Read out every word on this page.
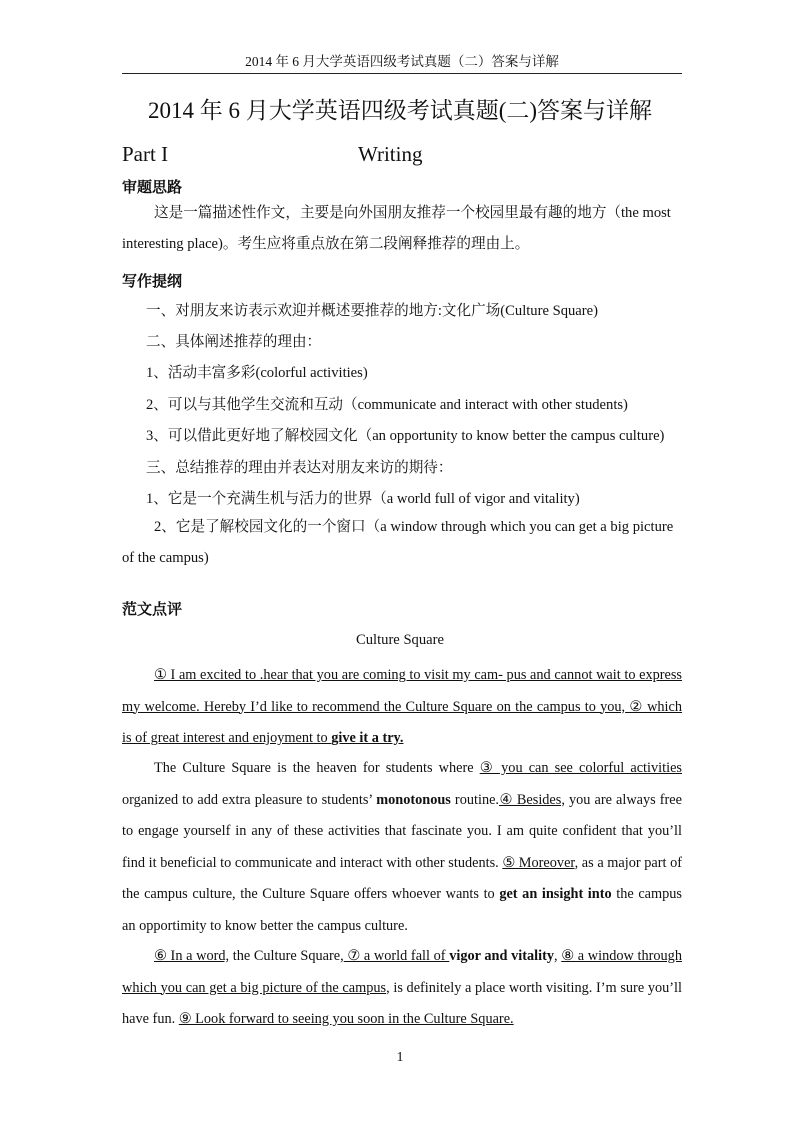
2014 年 6 月大学英语四级考试真题（二）答案与详解
2014 年 6 月大学英语四级考试真题(二)答案与详解
Part I	Writing
审题思路
这是一篇描述性作文，主要是向外国朋友推荐一个校园里最有趣的地方（the most interesting place)。考生应将重点放在第二段阐释推荐的理由上。
写作提纲
一、对朋友来访表示欢迎并概述要推荐的地方:文化广场(Culture Square)
二、具体阐述推荐的理由：
1、活动丰富多彩(colorful activities)
2、可以与其他学生交流和互动（communicate and interact with other students)
3、可以借此更好地了解校园文化（an opportunity to know better the campus culture)
三、总结推荐的理由并表达对朋友来访的期待：
1、它是一个充满生机与活力的世界（a world full of vigor and vitality)
2、它是了解校园文化的一个窗口（a window through which you can get a big picture of the campus)
范文点评
Culture Square
① I am excited to .hear that you are coming to visit my cam- pus and cannot wait to express my welcome. Hereby I’d like to recommend the Culture Square on the campus to you, ② which is of great interest and enjoyment to give it a try.
The Culture Square is the heaven for students where ③ you can see colorful activities organized to add extra pleasure to students’ monotonous routine.④ Besides, you are always free to engage yourself in any of these activities that fascinate you. I am quite confident that you’ll find it beneficial to communicate and interact with other students. ⑤ Moreover, as a major part of the campus culture, the Culture Square offers whoever wants to get an insight into the campus an opportimity to know better the campus culture.
⑥ In a word, the Culture Square, ⑦ a world fall of vigor and vitality, ⑧ a window through which you can get a big picture of the campus, is definitely a place worth visiting. I’m sure you’ll have fun. ⑨ Look forward to seeing you soon in the Culture Square.
1
